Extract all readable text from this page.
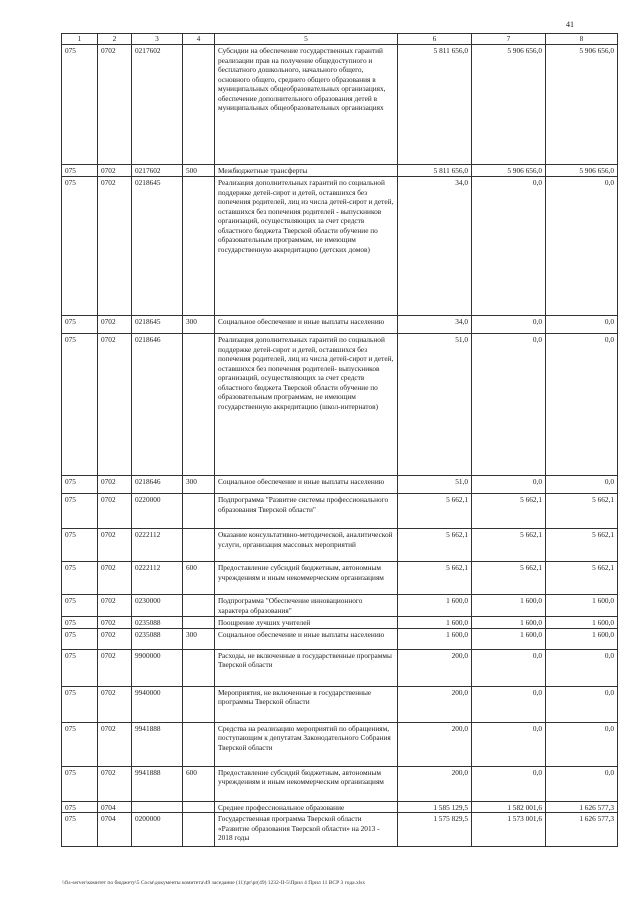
41
1	2	3	4	5	6	7	8
075	0702	0217602		Субсидии на обеспечение государственных гарантий реализации прав на получение общедоступного и бесплатного дошкольного, начального общего, основного общего, среднего общего образования в муниципальных общеобразовательных организациях, обеспечение дополнительного образования детей в муниципальных общеобразовательных организациях	5 811 656,0	5 906 656,0	5 906 656,0
075	0702	0217602	500	Межбюджетные трансферты	5 811 656,0	5 906 656,0	5 906 656,0
075	0702	0218645		Реализация дополнительных гарантий по социальной поддержке детей-сирот и детей, оставшихся без попечения родителей, лиц из числа детей-сирот и детей, оставшихся без попечения родителей - выпускников организаций, осуществляющих за счет средств областного бюджета Тверской области обучение по образовательным программам, не имеющим государственную аккредитацию (детских домов)	34,0	0,0	0,0
075	0702	0218645	300	Социальное обеспечение и иные выплаты населению	34,0	0,0	0,0
075	0702	0218646		Реализация дополнительных гарантий по социальной поддержке детей-сирот и детей, оставшихся без попечения родителей, лиц из числа детей-сирот и детей, оставшихся без попечения родителей- выпускников организаций, осуществляющих за счет средств областного бюджета Тверской области обучение по образовательным программам, не имеющим государственную аккредитацию (школ-интернатов)	51,0	0,0	0,0
075	0702	0218646	300	Социальное обеспечение и иные выплаты населению	51,0	0,0	0,0
075	0702	0220000		Подпрограмма "Развитие системы профессионального образования Тверской области"	5 662,1	5 662,1	5 662,1
075	0702	0222112		Оказание консультативно-методической, аналитической услуги, организация массовых мероприятий	5 662,1	5 662,1	5 662,1
075	0702	0222112	600	Предоставление субсидий бюджетным, автономным учреждениям и иным некоммерческим организациям	5 662,1	5 662,1	5 662,1
075	0702	0230000		Подпрограмма "Обеспечение инновационного характера образования"	1 600,0	1 600,0	1 600,0
075	0702	0235088		Поощрение лучших учителей	1 600,0	1 600,0	1 600,0
075	0702	0235088	300	Социальное обеспечение и иные выплаты населению	1 600,0	1 600,0	1 600,0
075	0702	9900000		Расходы, не включенные в государственные программы Тверской области	200,0	0,0	0,0
075	0702	9940000		Мероприятия, не включенные в государственные программы Тверской области	200,0	0,0	0,0
075	0702	9941888		Средства на реализацию мероприятий по обращениям, поступающим к депутатам Законодательного Собрания Тверской области	200,0	0,0	0,0
075	0702	9941888	600	Предоставление субсидий бюджетным, автономным учреждениям и иным некоммерческим организациям	200,0	0,0	0,0
075	0704			Среднее профессиональное образование	1 585 129,5	1 582 001,6	1 626 577,3
075	0704	0200000		Государственная программа Тверской области «Развитие образования Тверской области» на 2013 - 2018 годы	1 575 829,5	1 573 001,6	1 626 577,3
\\fis-server\комитет по бюджету\5 Сосм\документы комитета\49 заседание (11)\pr\pr(49) 1232-II-5\Прил 4 Прил 11 ВСР 3 года.xlsx
